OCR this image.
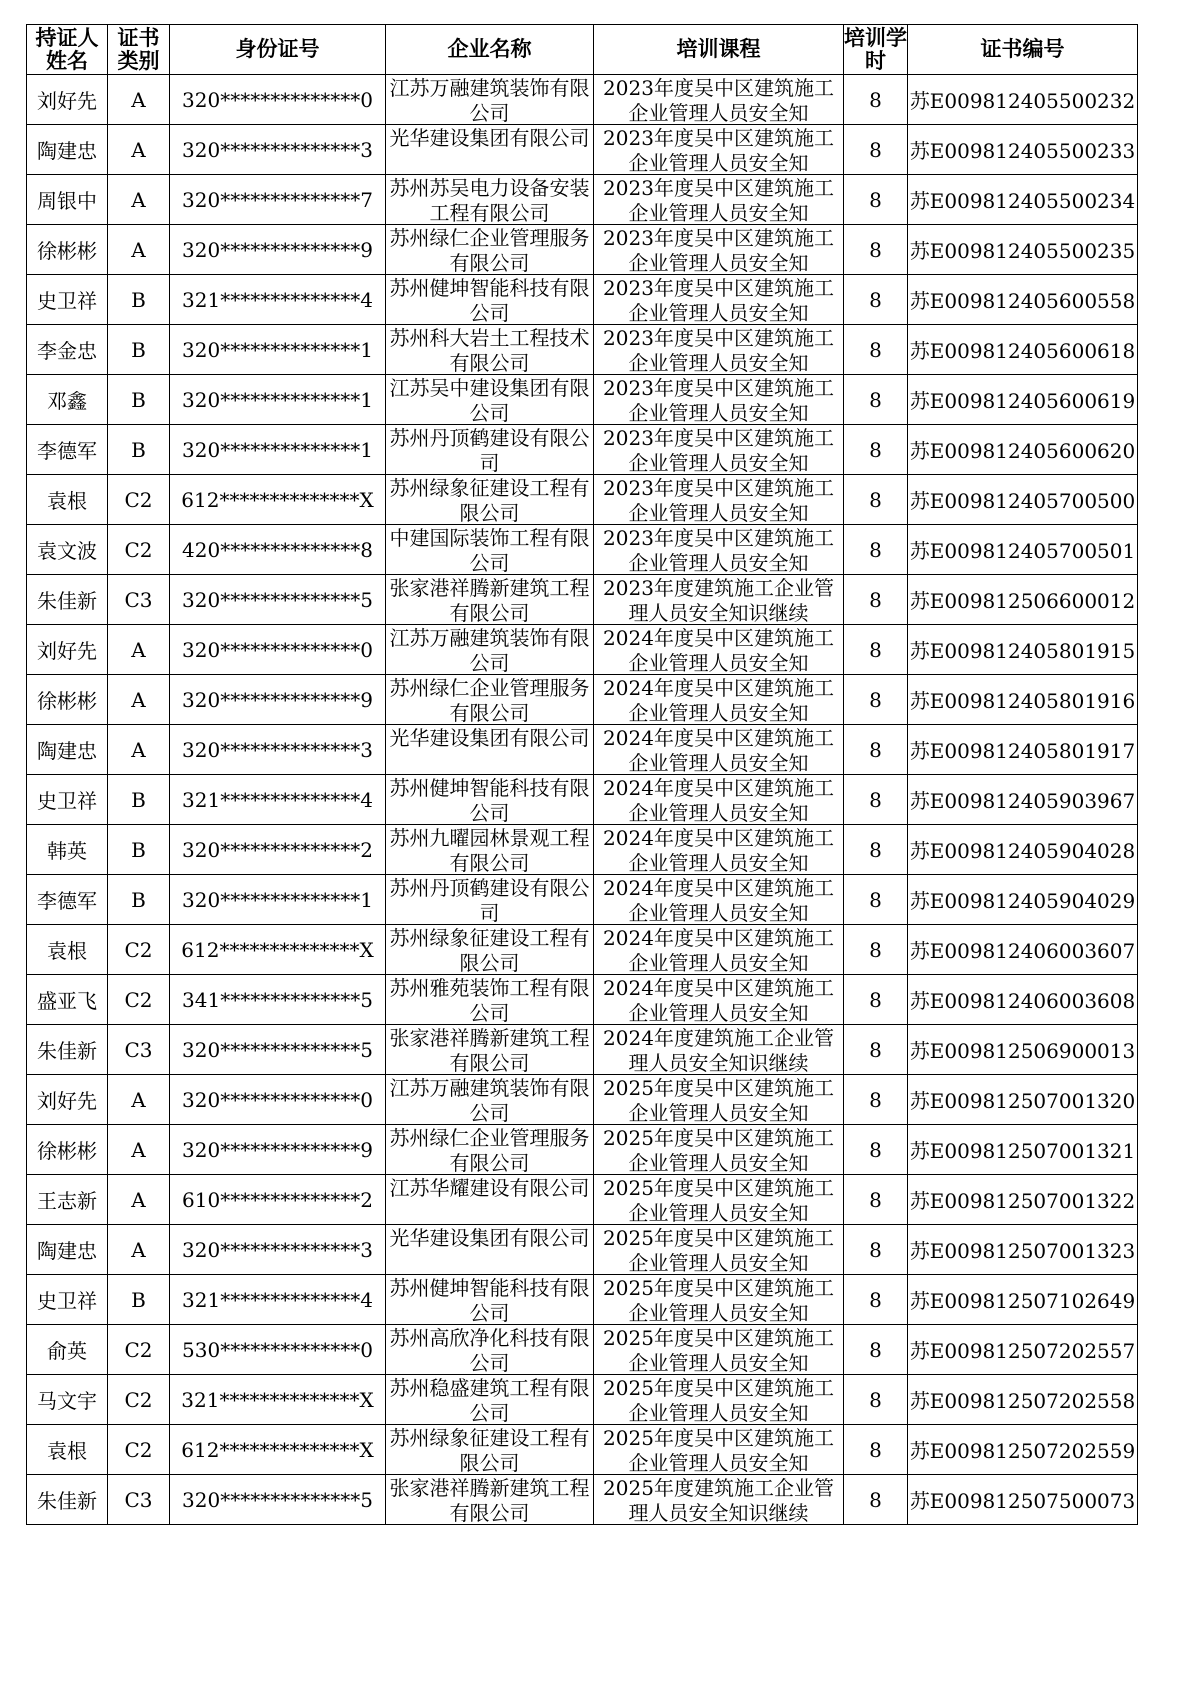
持证人姓名	证书类别	身份证号	企业名称	培训课程	培训学时	证书编号
刘好先	A	320**************0	江苏万融建筑装饰有限公司	2023年度吴中区建筑施工企业管理人员安全知	8	苏E009812405500232
陶建忠	A	320**************3	光华建设集团有限公司	2023年度吴中区建筑施工企业管理人员安全知	8	苏E009812405500233
周银中	A	320**************7	苏州苏吴电力设备安装工程有限公司	2023年度吴中区建筑施工企业管理人员安全知	8	苏E009812405500234
徐彬彬	A	320**************9	苏州绿仁企业管理服务有限公司	2023年度吴中区建筑施工企业管理人员安全知	8	苏E009812405500235
史卫祥	B	321**************4	苏州健坤智能科技有限公司	2023年度吴中区建筑施工企业管理人员安全知	8	苏E009812405600558
李金忠	B	320**************1	苏州科大岩土工程技术有限公司	2023年度吴中区建筑施工企业管理人员安全知	8	苏E009812405600618
邓鑫	B	320**************1	江苏吴中建设集团有限公司	2023年度吴中区建筑施工企业管理人员安全知	8	苏E009812405600619
李德军	B	320**************1	苏州丹顶鹤建设有限公司	2023年度吴中区建筑施工企业管理人员安全知	8	苏E009812405600620
袁根	C2	612**************X	苏州绿象征建设工程有限公司	2023年度吴中区建筑施工企业管理人员安全知	8	苏E009812405700500
袁文波	C2	420**************8	中建国际装饰工程有限公司	2023年度吴中区建筑施工企业管理人员安全知	8	苏E009812405700501
朱佳新	C3	320**************5	张家港祥腾新建筑工程有限公司	2023年度建筑施工企业管理人员安全知识继续	8	苏E009812506600012
刘好先	A	320**************0	江苏万融建筑装饰有限公司	2024年度吴中区建筑施工企业管理人员安全知	8	苏E009812405801915
徐彬彬	A	320**************9	苏州绿仁企业管理服务有限公司	2024年度吴中区建筑施工企业管理人员安全知	8	苏E009812405801916
陶建忠	A	320**************3	光华建设集团有限公司	2024年度吴中区建筑施工企业管理人员安全知	8	苏E009812405801917
史卫祥	B	321**************4	苏州健坤智能科技有限公司	2024年度吴中区建筑施工企业管理人员安全知	8	苏E009812405903967
韩英	B	320**************2	苏州九曜园林景观工程有限公司	2024年度吴中区建筑施工企业管理人员安全知	8	苏E009812405904028
李德军	B	320**************1	苏州丹顶鹤建设有限公司	2024年度吴中区建筑施工企业管理人员安全知	8	苏E009812405904029
袁根	C2	612**************X	苏州绿象征建设工程有限公司	2024年度吴中区建筑施工企业管理人员安全知	8	苏E009812406003607
盛亚飞	C2	341**************5	苏州雅苑装饰工程有限公司	2024年度吴中区建筑施工企业管理人员安全知	8	苏E009812406003608
朱佳新	C3	320**************5	张家港祥腾新建筑工程有限公司	2024年度建筑施工企业管理人员安全知识继续	8	苏E009812506900013
刘好先	A	320**************0	江苏万融建筑装饰有限公司	2025年度吴中区建筑施工企业管理人员安全知	8	苏E009812507001320
徐彬彬	A	320**************9	苏州绿仁企业管理服务有限公司	2025年度吴中区建筑施工企业管理人员安全知	8	苏E009812507001321
王志新	A	610**************2	江苏华耀建设有限公司	2025年度吴中区建筑施工企业管理人员安全知	8	苏E009812507001322
陶建忠	A	320**************3	光华建设集团有限公司	2025年度吴中区建筑施工企业管理人员安全知	8	苏E009812507001323
史卫祥	B	321**************4	苏州健坤智能科技有限公司	2025年度吴中区建筑施工企业管理人员安全知	8	苏E009812507102649
俞英	C2	530**************0	苏州高欣净化科技有限公司	2025年度吴中区建筑施工企业管理人员安全知	8	苏E009812507202557
马文宇	C2	321**************X	苏州稳盛建筑工程有限公司	2025年度吴中区建筑施工企业管理人员安全知	8	苏E009812507202558
袁根	C2	612**************X	苏州绿象征建设工程有限公司	2025年度吴中区建筑施工企业管理人员安全知	8	苏E009812507202559
朱佳新	C3	320**************5	张家港祥腾新建筑工程有限公司	2025年度建筑施工企业管理人员安全知识继续	8	苏E009812507500073
